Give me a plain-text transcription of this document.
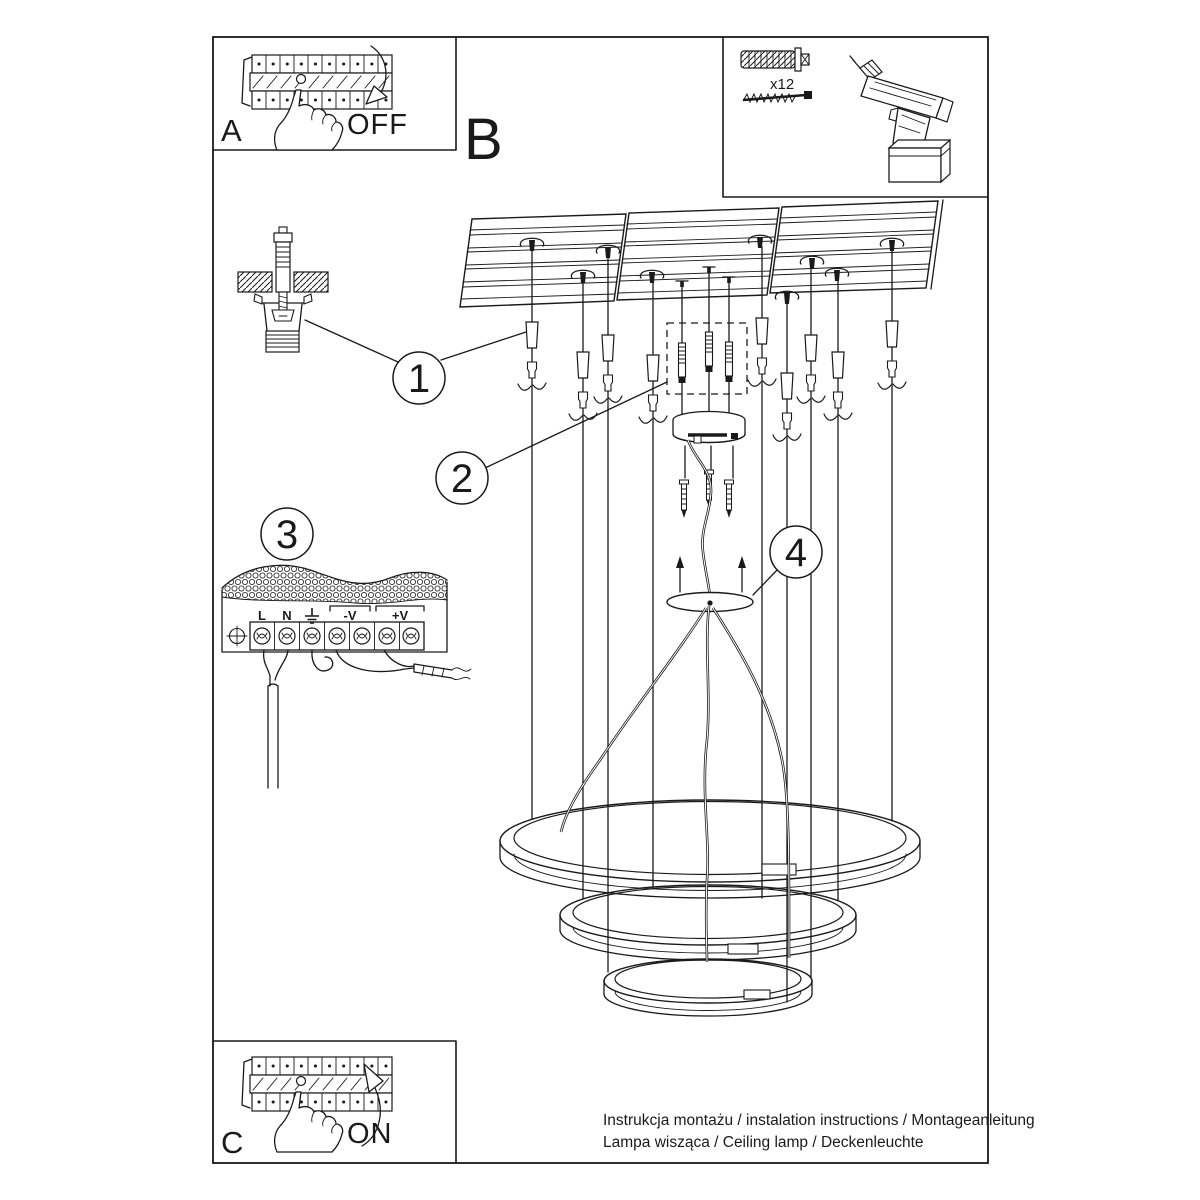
A	OFF B
x12
1
2
3	4
L N	-V	+V
C	ON	Instrukcja montażu / instalation instructions / Montageanleitung
Lampa wisząca / Ceiling lamp / Deckenleuchte
